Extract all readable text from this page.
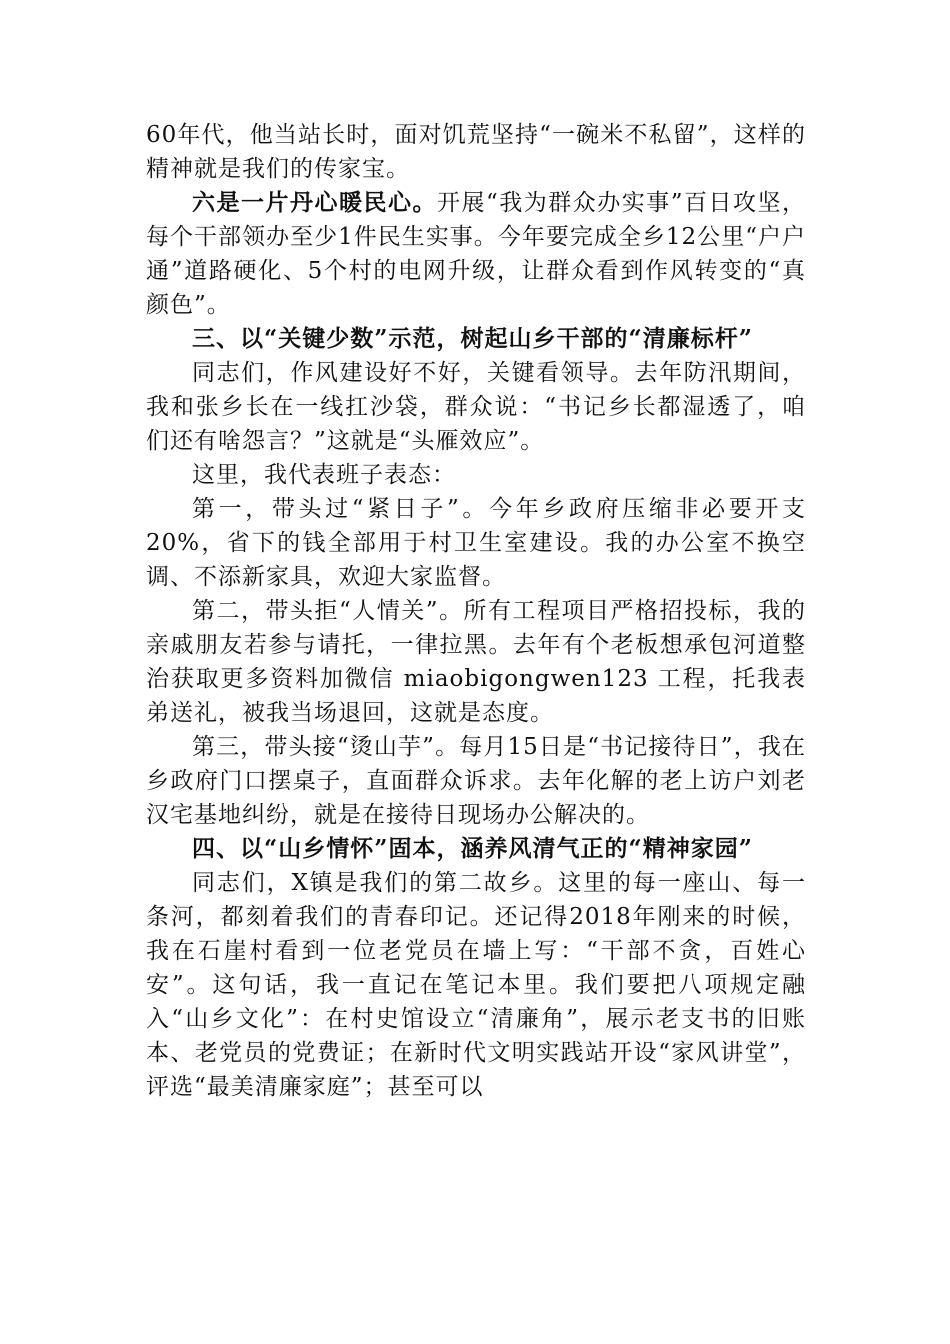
60年代，他当站长时，面对饥荒坚持“一碗米不私留”，这样的精神就是我们的传家宝。

六是一片丹心暖民心。开展“我为群众办实事”百日攻坚，每个干部领办至少1件民生实事。今年要完成全乡12公里“户户通”道路硬化、5个村的电网升级，让群众看到作风转变的“真颜色”。

三、以“关键少数”示范，树起山乡干部的“清廉标杆”

同志们，作风建设好不好，关键看领导。去年防汛期间，我和张乡长在一线扛沙袋，群众说：“书记乡长都湿透了，咱们还有啥怨言？”这就是“头雁效应”。

这里，我代表班子表态：

第一，带头过“紧日子”。今年乡政府压缩非必要开支20%，省下的钱全部用于村卫生室建设。我的办公室不换空调、不添新家具，欢迎大家监督。

第二，带头拒“人情关”。所有工程项目严格招投标，我的亲戚朋友若参与请托，一律拉黑。去年有个老板想承包河道整治获取更多资料加微信 miaobigongwen123 工程，托我表弟送礼，被我当场退回，这就是态度。

第三，带头接“烫山芋”。每月15日是“书记接待日”，我在乡政府门口摆桌子，直面群众诉求。去年化解的老上访户刘老汉宅基地纠纷，就是在接待日现场办公解决的。

四、以“山乡情怀”固本，涵养风清气正的“精神家园”

同志们，X镇是我们的第二故乡。这里的每一座山、每一条河，都刻着我们的青春印记。还记得2018年刚来的时候，我在石崖村看到一位老党员在墙上写：“干部不贪，百姓心安”。这句话，我一直记在笔记本里。我们要把八项规定融入“山乡文化”：在村史馆设立“清廉角”，展示老支书的旧账本、老党员的党费证；在新时代文明实践站开设“家风讲堂”，评选“最美清廉家庭”；甚至可以
